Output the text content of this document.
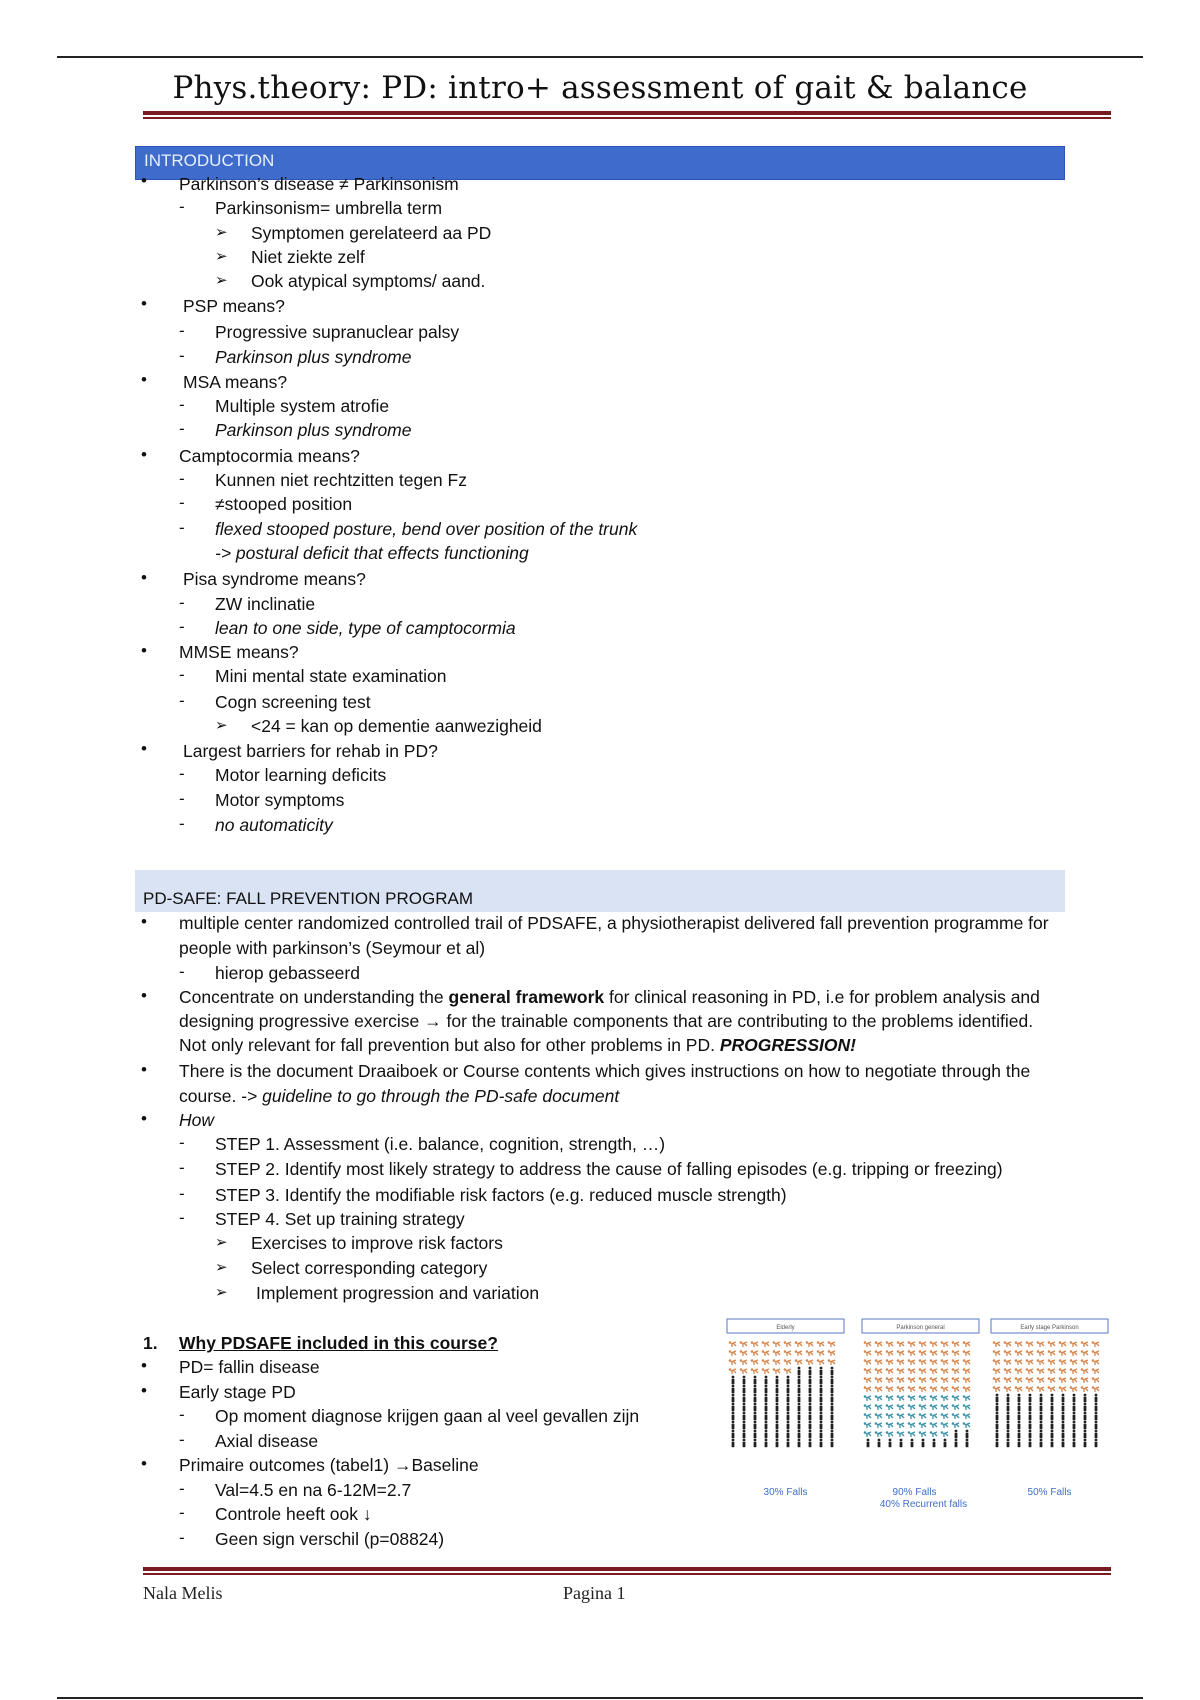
Phys.theory: PD: intro+ assessment of gait & balance
INTRODUCTION
• Parkinson’s disease ≠ Parkinsonism
- Parkinsonism= umbrella term
➢ Symptomen gerelateerd aa PD
➢ Niet ziekte zelf
➢ Ook atypical symptoms/ aand.
• PSP means?
- Progressive supranuclear palsy
- Parkinson plus syndrome
• MSA means?
- Multiple system atrofie
- Parkinson plus syndrome
• Camptocormia means?
- Kunnen niet rechtzitten tegen Fz
- ≠stooped position
- flexed stooped posture, bend over position of the trunk
-> postural deficit that effects functioning
• Pisa syndrome means?
- ZW inclinatie
- lean to one side, type of camptocormia
• MMSE means?
- Mini mental state examination
- Cogn screening test
➢ <24 = kan op dementie aanwezigheid
• Largest barriers for rehab in PD?
- Motor learning deficits
- Motor symptoms
- no automaticity
PD-SAFE: FALL PREVENTION PROGRAM
• multiple center randomized controlled trail of PDSAFE, a physiotherapist delivered fall prevention programme for
people with parkinson’s (Seymour et al)
- hierop gebasseerd
• Concentrate on understanding the general framework for clinical reasoning in PD, i.e for problem analysis and
designing progressive exercise → for the trainable components that are contributing to the problems identified.
Not only relevant for fall prevention but also for other problems in PD. PROGRESSION!
• There is the document Draaiboek or Course contents which gives instructions on how to negotiate through the
course. -> guideline to go through the PD-safe document
• How
- STEP 1. Assessment (i.e. balance, cognition, strength, …)
- STEP 2. Identify most likely strategy to address the cause of falling episodes (e.g. tripping or freezing)
- STEP 3. Identify the modifiable risk factors (e.g. reduced muscle strength)
- STEP 4. Set up training strategy
➢ Exercises to improve risk factors
➢ Select corresponding category
➢ Implement progression and variation
1. Why PDSAFE included in this course?
• PD= fallin disease
• Early stage PD
- Op moment diagnose krijgen gaan al veel gevallen zijn
- Axial disease
• Primaire outcomes (tabel1) →Baseline
- Val=4.5 en na 6-12M=2.7
- Controle heeft ook ↓
- Geen sign verschil (p=08824)
Elderly
30% Falls
Parkinson general
90% Falls
40% Recurrent falls
Early stage Parkinson
50% Falls
Nala Melis	Pagina 1
